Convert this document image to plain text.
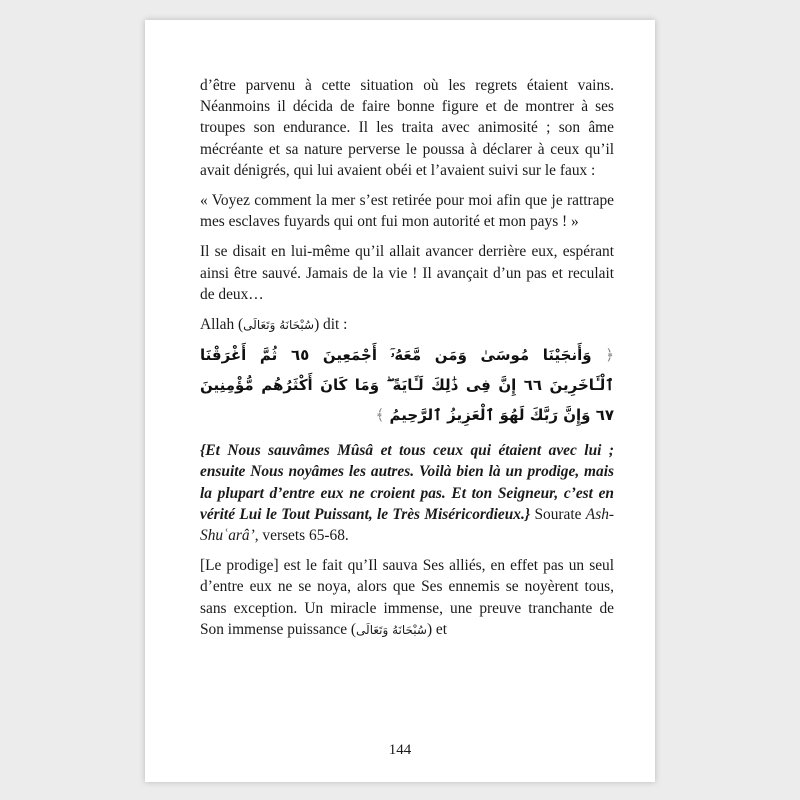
d’être parvenu à cette situation où les regrets étaient vains. Néanmoins il décida de faire bonne figure et de montrer à ses troupes son endurance. Il les traita avec animosité ; son âme mécréante et sa nature perverse le poussa à déclarer à ceux qu’il avait dénigrés, qui lui avaient obéi et l’avaient suivi sur le faux :

« Voyez comment la mer s’est retirée pour moi afin que je rattrape mes esclaves fuyards qui ont fui mon autorité et mon pays ! »

Il se disait en lui-même qu’il allait avancer derrière eux, espérant ainsi être sauvé. Jamais de la vie ! Il avançait d’un pas et reculait de deux…

Allah (سُبْحَانَهُ وَتَعَالَى) dit :

﴿ وَأَنجَيْنَا مُوسَىٰ وَمَن مَّعَهُۥٓ أَجْمَعِينَ ٦٥ ثُمَّ أَغْرَقْنَا ٱلْـَٔاخَرِينَ ٦٦ إِنَّ فِى ذَٰلِكَ لَـَٔايَةً ۖ وَمَا كَانَ أَكْثَرُهُم مُّؤْمِنِينَ ٦٧ وَإِنَّ رَبَّكَ لَهُوَ ٱلْعَزِيزُ ٱلرَّحِيمُ ﴾

{Et Nous sauvâmes Mûsâ et tous ceux qui étaient avec lui ; ensuite Nous noyâmes les autres. Voilà bien là un prodige, mais la plupart d’entre eux ne croient pas. Et ton Seigneur, c’est en vérité Lui le Tout Puissant, le Très Miséricordieux.} Sourate Ash-Shuʿarâ’, versets 65-68.

[Le prodige] est le fait qu’Il sauva Ses alliés, en effet pas un seul d’entre eux ne se noya, alors que Ses ennemis se noyèrent tous, sans exception. Un miracle immense, une preuve tranchante de Son immense puissance (سُبْحَانَهُ وَتَعَالَى) et

144
